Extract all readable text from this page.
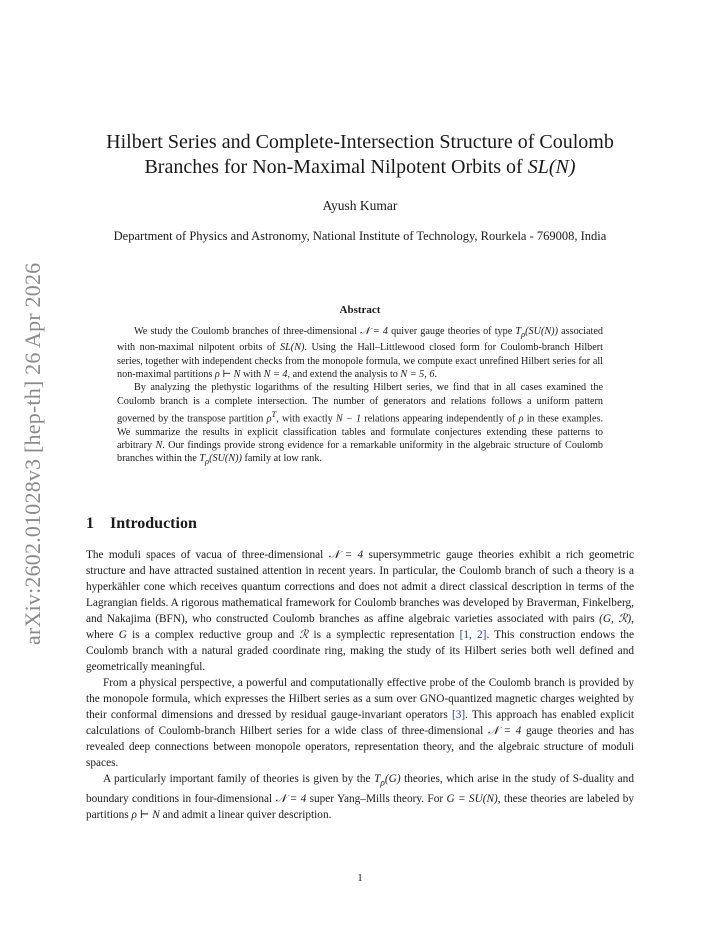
arXiv:2602.01028v3 [hep-th] 26 Apr 2026
Hilbert Series and Complete-Intersection Structure of Coulomb
Branches for Non-Maximal Nilpotent Orbits of SL(N)
Ayush Kumar
Department of Physics and Astronomy, National Institute of Technology, Rourkela - 769008, India
Abstract

We study the Coulomb branches of three-dimensional 𝒩 = 4 quiver gauge theories of type $T_\rho(SU(N))$ associated with non-maximal nilpotent orbits of SL(N). Using the Hall–Littlewood closed form for Coulomb-branch Hilbert series, together with independent checks from the monopole formula, we compute exact unrefined Hilbert series for all non-maximal partitions ρ ⊢ N with N = 4, and extend the analysis to N = 5, 6.

By analyzing the plethystic logarithms of the resulting Hilbert series, we find that in all cases examined the Coulomb branch is a complete intersection. The number of generators and relations follows a uniform pattern governed by the transpose partition $\rho^T$, with exactly N − 1 relations appearing independently of ρ in these examples. We summarize the results in explicit classification tables and formulate conjectures extending these patterns to arbitrary N. Our findings provide strong evidence for a remarkable uniformity in the algebraic structure of Coulomb branches within the $T_\rho(SU(N))$ family at low rank.

1 Introduction

The moduli spaces of vacua of three-dimensional 𝒩 = 4 supersymmetric gauge theories exhibit a rich geometric structure and have attracted sustained attention in recent years. In particular, the Coulomb branch of such a theory is a hyperkähler cone which receives quantum corrections and does not admit a direct classical description in terms of the Lagrangian fields. A rigorous mathematical framework for Coulomb branches was developed by Braverman, Finkelberg, and Nakajima (BFN), who constructed Coulomb branches as affine algebraic varieties associated with pairs (G, ℛ), where G is a complex reductive group and ℛ is a symplectic representation [1, 2]. This construction endows the Coulomb branch with a natural graded coordinate ring, making the study of its Hilbert series both well defined and geometrically meaningful.

From a physical perspective, a powerful and computationally effective probe of the Coulomb branch is provided by the monopole formula, which expresses the Hilbert series as a sum over GNO-quantized magnetic charges weighted by their conformal dimensions and dressed by residual gauge-invariant operators [3]. This approach has enabled explicit calculations of Coulomb-branch Hilbert series for a wide class of three-dimensional 𝒩 = 4 gauge theories and has revealed deep connections between monopole operators, representation theory, and the algebraic structure of moduli spaces.

A particularly important family of theories is given by the $T_\rho(G)$ theories, which arise in the study of S-duality and boundary conditions in four-dimensional 𝒩 = 4 super Yang–Mills theory. For G = SU(N), these theories are labeled by partitions ρ ⊢ N and admit a linear quiver description.

1
